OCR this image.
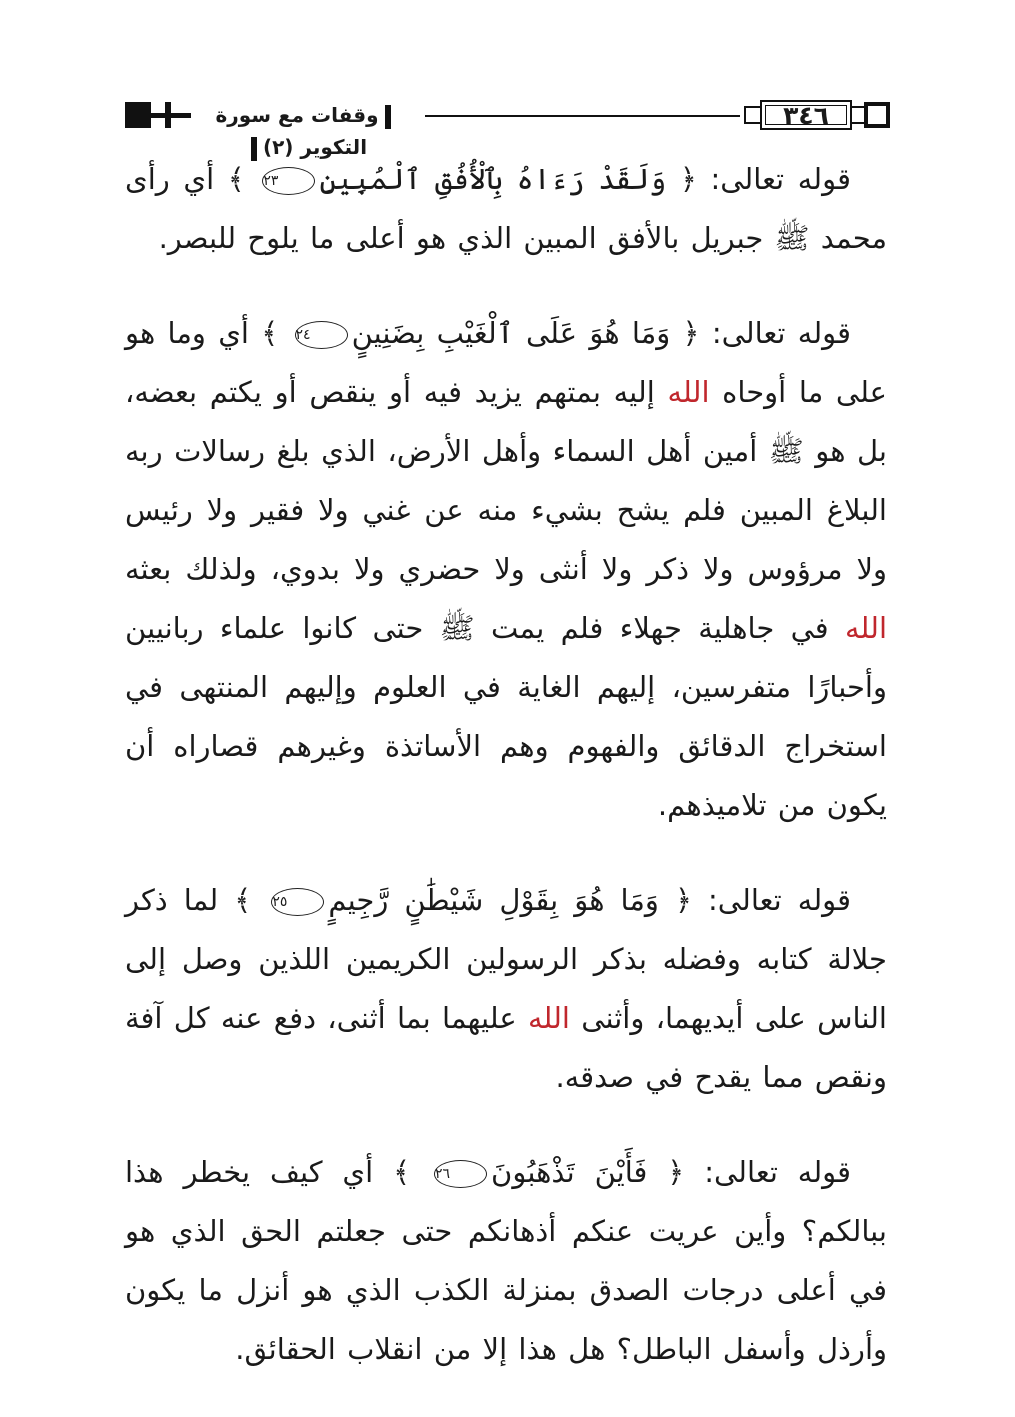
وقفات مع سورة التكوير (٢)
٣٤٦

قوله تعالى: ﴿ وَلَقَدْ رَءَاهُ بِٱلْأُفُقِ ٱلْمُبِينِ٢٣ ﴾ أي رأى محمد ﷺ جبريل بالأفق المبين الذي هو أعلى ما يلوح للبصر.

قوله تعالى: ﴿ وَمَا هُوَ عَلَى ٱلْغَيْبِ بِضَنِينٍ٢٤ ﴾ أي وما هو على ما أوحاه الله إليه بمتهم يزيد فيه أو ينقص أو يكتم بعضه، بل هو ﷺ أمين أهل السماء وأهل الأرض، الذي بلغ رسالات ربه البلاغ المبين فلم يشح بشيء منه عن غني ولا فقير ولا رئيس ولا مرؤوس ولا ذكر ولا أنثى ولا حضري ولا بدوي، ولذلك بعثه الله في جاهلية جهلاء فلم يمت ﷺ حتى كانوا علماء ربانيين وأحبارًا متفرسين، إليهم الغاية في العلوم وإليهم المنتهى في استخراج الدقائق والفهوم وهم الأساتذة وغيرهم قصاراه أن يكون من تلاميذهم.

قوله تعالى: ﴿ وَمَا هُوَ بِقَوْلِ شَيْطَٰنٍ رَّجِيمٍ٢٥ ﴾ لما ذكر جلالة كتابه وفضله بذكر الرسولين الكريمين اللذين وصل إلى الناس على أيديهما، وأثنى الله عليهما بما أثنى، دفع عنه كل آفة ونقص مما يقدح في صدقه.

قوله تعالى: ﴿ فَأَيْنَ تَذْهَبُونَ٢٦ ﴾ أي كيف يخطر هذا ببالكم؟ وأين عريت عنكم أذهانكم حتى جعلتم الحق الذي هو في أعلى درجات الصدق بمنزلة الكذب الذي هو أنزل ما يكون وأرذل وأسفل الباطل؟ هل هذا إلا من انقلاب الحقائق.
